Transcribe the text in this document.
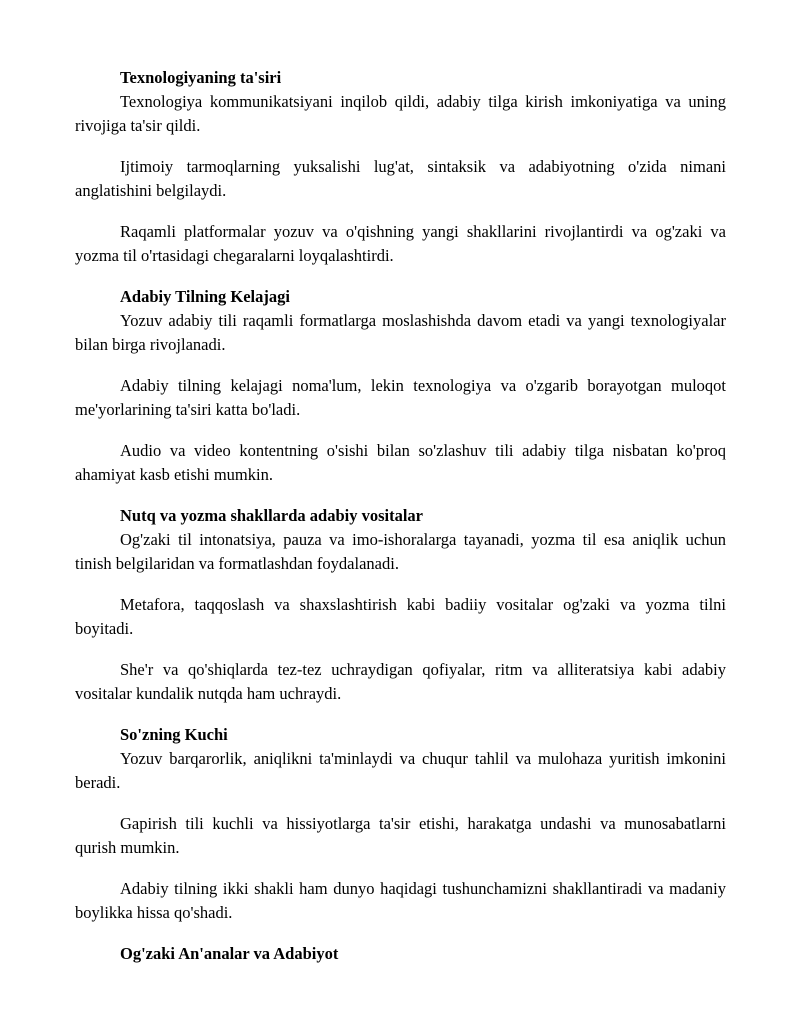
Texnologiyaning ta'siri

Texnologiya kommunikatsiyani inqilob qildi, adabiy tilga kirish imkoniyatiga va uning rivojiga ta'sir qildi.

Ijtimoiy tarmoqlarning yuksalishi lug'at, sintaksik va adabiyotning o'zida nimani anglatishini belgilaydi.

Raqamli platformalar yozuv va o'qishning yangi shakllarini rivojlantirdi va og'zaki va yozma til o'rtasidagi chegaralarni loyqalashtirdi.

Adabiy Tilning Kelajagi

Yozuv adabiy tili raqamli formatlarga moslashishda davom etadi va yangi texnologiyalar bilan birga rivojlanadi.

Adabiy tilning kelajagi noma'lum, lekin texnologiya va o'zgarib borayotgan muloqot me'yorlarining ta'siri katta bo'ladi.

Audio va video kontentning o'sishi bilan so'zlashuv tili adabiy tilga nisbatan ko'proq ahamiyat kasb etishi mumkin.

Nutq va yozma shakllarda adabiy vositalar

Og'zaki til intonatsiya, pauza va imo-ishoralarga tayanadi, yozma til esa aniqlik uchun tinish belgilaridan va formatlashdan foydalanadi.

Metafora, taqqoslash va shaxslashtirish kabi badiiy vositalar og'zaki va yozma tilni boyitadi.

She'r va qo'shiqlarda tez-tez uchraydigan qofiyalar, ritm va alliteratsiya kabi adabiy vositalar kundalik nutqda ham uchraydi.

So'zning Kuchi

Yozuv barqarorlik, aniqlikni ta'minlaydi va chuqur tahlil va mulohaza yuritish imkonini beradi.

Gapirish tili kuchli va hissiyotlarga ta'sir etishi, harakatga undashi va munosabatlarni qurish mumkin.

Adabiy tilning ikki shakli ham dunyo haqidagi tushunchamizni shakllantiradi va madaniy boylikka hissa qo'shadi.

Og'zaki An'analar va Adabiyot
